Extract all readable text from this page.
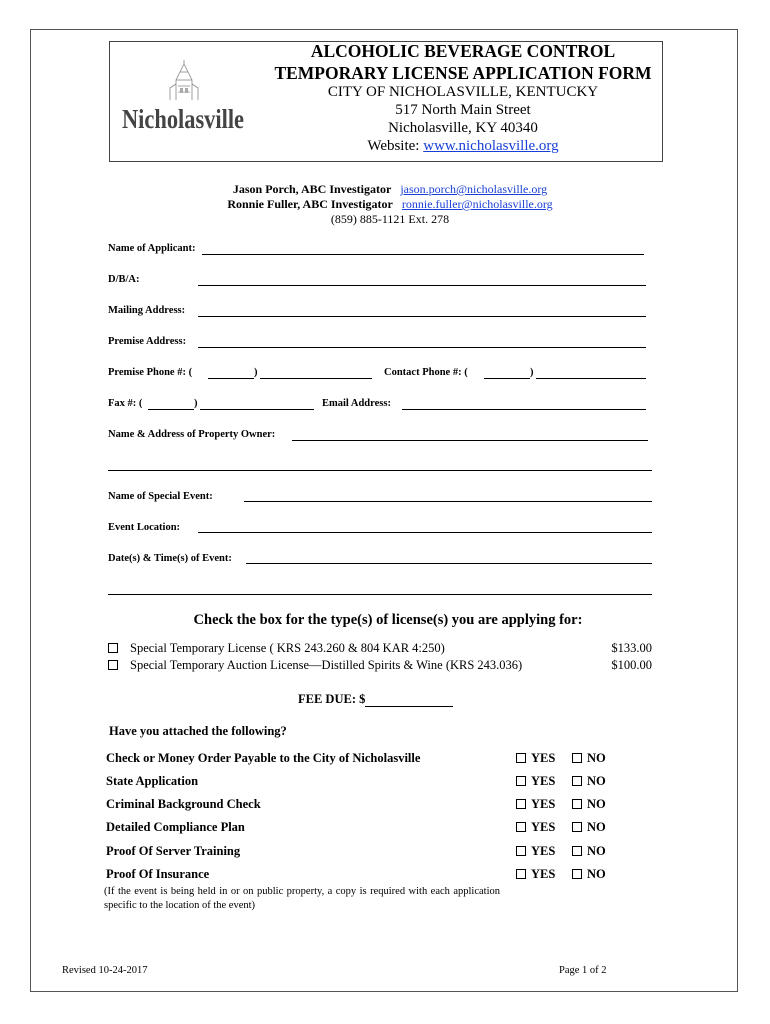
Nicholasville
ALCOHOLIC BEVERAGE CONTROL
TEMPORARY LICENSE APPLICATION FORM
CITY OF NICHOLASVILLE, KENTUCKY
517 North Main Street
Nicholasville, KY 40340
Website: www.nicholasville.org
Jason Porch, ABC Investigator jason.porch@nicholasville.org
Ronnie Fuller, ABC Investigator ronnie.fuller@nicholasville.org
(859) 885-1121 Ext. 278
Name of Applicant:
D/B/A:
Mailing Address:
Premise Address:
Premise Phone #: (	)	Contact Phone #: (	)
Fax #: (	)	Email Address:
Name & Address of Property Owner:
Name of Special Event:
Event Location:
Date(s) & Time(s) of Event:
Check the box for the type(s) of license(s) you are applying for:
Special Temporary License ( KRS 243.260 & 804 KAR 4:250)	$133.00
Special Temporary Auction License—Distilled Spirits & Wine (KRS 243.036)	$100.00
FEE DUE: $
Have you attached the following?
Check or Money Order Payable to the City of Nicholasville	YES	NO
State Application	YES	NO
Criminal Background Check	YES	NO
Detailed Compliance Plan	YES	NO
Proof Of Server Training	YES	NO
Proof Of Insurance	YES	NO
(If the event is being held in or on public property, a copy is required with each application specific to the location of the event)
Revised 10-24-2017	Page 1 of 2
